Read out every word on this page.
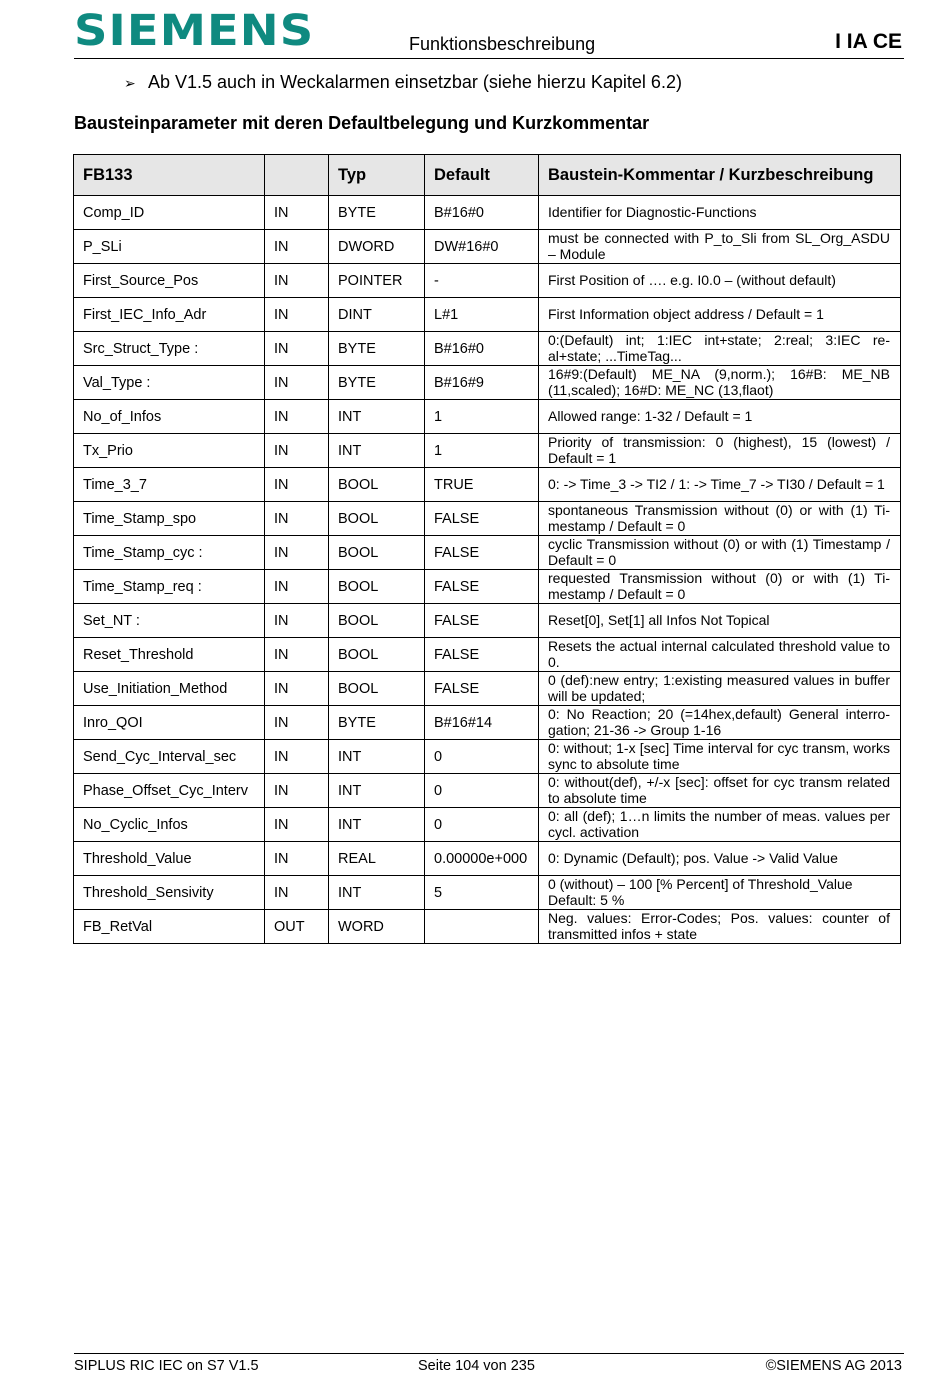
SIEMENS	Funktionsbeschreibung	I IA CE
➢ Ab V1.5 auch in Weckalarmen einsetzbar (siehe hierzu Kapitel 6.2)
Bausteinparameter mit deren Defaultbelegung und Kurzkommentar
FB133		Typ	Default	Baustein-Kommentar / Kurzbeschreibung
Comp_ID	IN	BYTE	B#16#0	Identifier for Diagnostic-Functions
P_SLi	IN	DWORD	DW#16#0	must be connected with P_to_Sli from SL_Org_ASDU – Module
First_Source_Pos	IN	POINTER	-	First Position of …. e.g. I0.0 – (without default)
First_IEC_Info_Adr	IN	DINT	L#1	First Information object address / Default = 1
Src_Struct_Type :	IN	BYTE	B#16#0	0:(Default) int; 1:IEC int+state; 2:real; 3:IEC re-al+state; ...TimeTag...
Val_Type :	IN	BYTE	B#16#9	16#9:(Default) ME_NA (9,norm.); 16#B: ME_NB (11,scaled); 16#D: ME_NC (13,flaot)
No_of_Infos	IN	INT	1	Allowed range: 1-32 / Default = 1
Tx_Prio	IN	INT	1	Priority of transmission: 0 (highest), 15 (lowest) / Default = 1
Time_3_7	IN	BOOL	TRUE	0: -> Time_3 -> TI2 / 1: -> Time_7 -> TI30 / Default = 1
Time_Stamp_spo	IN	BOOL	FALSE	spontaneous Transmission without (0) or with (1) Ti-mestamp / Default = 0
Time_Stamp_cyc :	IN	BOOL	FALSE	cyclic Transmission without (0) or with (1) Timestamp / Default = 0
Time_Stamp_req :	IN	BOOL	FALSE	requested Transmission without (0) or with (1) Ti-mestamp / Default = 0
Set_NT :	IN	BOOL	FALSE	Reset[0], Set[1] all Infos Not Topical
Reset_Threshold	IN	BOOL	FALSE	Resets the actual internal calculated threshold value to 0.
Use_Initiation_Method	IN	BOOL	FALSE	0 (def):new entry; 1:existing measured values in buffer will be updated;
Inro_QOI	IN	BYTE	B#16#14	0: No Reaction; 20 (=14hex,default) General interro-gation; 21-36 -> Group 1-16
Send_Cyc_Interval_sec	IN	INT	0	0: without; 1-x [sec] Time interval for cyc transm, works sync to absolute time
Phase_Offset_Cyc_Interv	IN	INT	0	0: without(def), +/-x [sec]: offset for cyc transm related to absolute time
No_Cyclic_Infos	IN	INT	0	0: all (def); 1…n limits the number of meas. values per cycl. activation
Threshold_Value	IN	REAL	0.00000e+000	0: Dynamic (Default); pos. Value -> Valid Value
Threshold_Sensivity	IN	INT	5	0 (without) – 100 [% Percent] of Threshold_Value
Default: 5 %
FB_RetVal	OUT	WORD		Neg. values: Error-Codes; Pos. values: counter of transmitted infos + state
SIPLUS RIC IEC on S7 V1.5	Seite 104 von 235	©SIEMENS AG 2013
